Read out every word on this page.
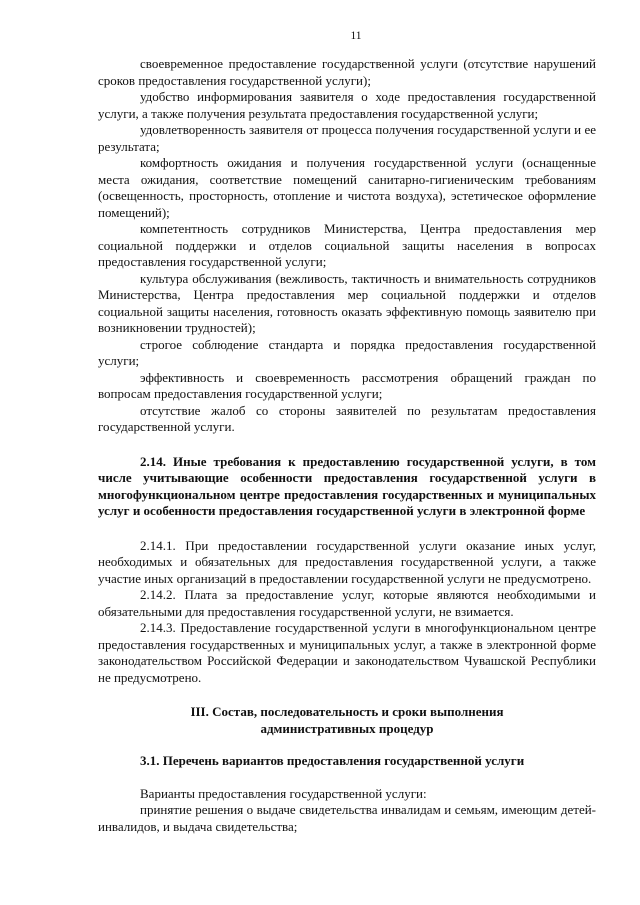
11

своевременное предоставление государственной услуги (отсутствие нарушений сроков предоставления государственной услуги);

удобство информирования заявителя о ходе предоставления государственной услуги, а также получения результата предоставления государственной услуги;

удовлетворенность заявителя от процесса получения государственной услуги и ее результата;

комфортность ожидания и получения государственной услуги (оснащенные места ожидания, соответствие помещений санитарно-гигиеническим требованиям (освещенность, просторность, отопление и чистота воздуха), эстетическое оформление помещений);

компетентность сотрудников Министерства, Центра предоставления мер социальной поддержки и отделов социальной защиты населения в вопросах предоставления государственной услуги;

культура обслуживания (вежливость, тактичность и внимательность сотрудников Министерства, Центра предоставления мер социальной поддержки и отделов социальной защиты населения, готовность оказать эффективную помощь заявителю при возникновении трудностей);

строгое соблюдение стандарта и порядка предоставления государственной услуги;

эффективность и своевременность рассмотрения обращений граждан по вопросам предоставления государственной услуги;

отсутствие жалоб со стороны заявителей по результатам предоставления государственной услуги.

2.14. Иные требования к предоставлению государственной услуги, в том числе учитывающие особенности предоставления государственной услуги в многофункциональном центре предоставления государственных и муниципальных услуг и особенности предоставления государственной услуги в электронной форме

2.14.1. При предоставлении государственной услуги оказание иных услуг, необходимых и обязательных для предоставления государственной услуги, а также участие иных организаций в предоставлении государственной услуги не предусмотрено.

2.14.2. Плата за предоставление услуг, которые являются необходимыми и обязательными для предоставления государственной услуги, не взимается.

2.14.3. Предоставление государственной услуги в многофункциональном центре предоставления государственных и муниципальных услуг, а также в электронной форме законодательством Российской Федерации и законодательством Чувашской Республики не предусмотрено.

III. Состав, последовательность и сроки выполнения
административных процедур
3.1. Перечень вариантов предоставления государственной услуги

Варианты предоставления государственной услуги:

принятие решения о выдаче свидетельства инвалидам и семьям, имеющим детей-инвалидов, и выдача свидетельства;
